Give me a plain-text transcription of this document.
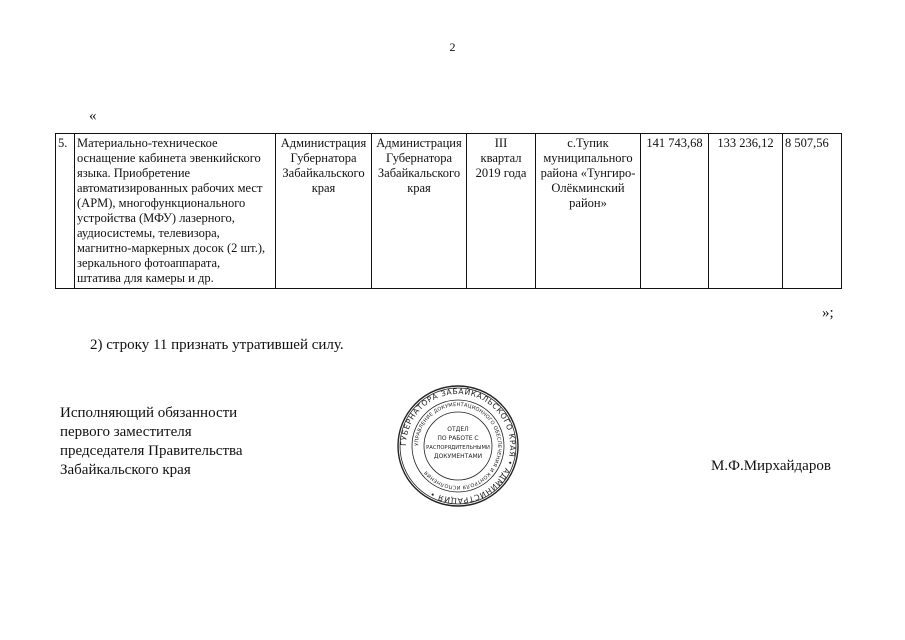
2
«
5.	Материально-техническое
оснащение кабинета эвенкийского
языка. Приобретение
автоматизированных рабочих мест
(АРМ), многофункционального
устройства (МФУ) лазерного,
аудиосистемы, телевизора,
магнитно-маркерных досок (2 шт.),
зеркального фотоаппарата,
штатива для камеры и др.	Администрация
Губернатора
Забайкальского
края	Администрация
Губернатора
Забайкальского
края	III
квартал
2019 года	с.Тупик
муниципального
района «Тунгиро-
Олёкминский
район»	141 743,68	133 236,12	8 507,56
»;
2) строку 11 признать утратившей силу.
Исполняющий обязанности
первого заместителя
председателя Правительства
Забайкальского края	М.Ф.Мирхайдаров
ГУБЕРНАТОРА ЗАБАЙКАЛЬСКОГО КРАЯ • АДМИНИСТРАЦИЯ •
УПРАВЛЕНИЕ ДОКУМЕНТАЦИОННОГО ОБЕСПЕЧЕНИЯ И КОНТРОЛЯ ИСПОЛНЕНИЯ
ОТДЕЛ
ПО РАБОТЕ С
РАСПОРЯДИТЕЛЬНЫМИ
ДОКУМЕНТАМИ
